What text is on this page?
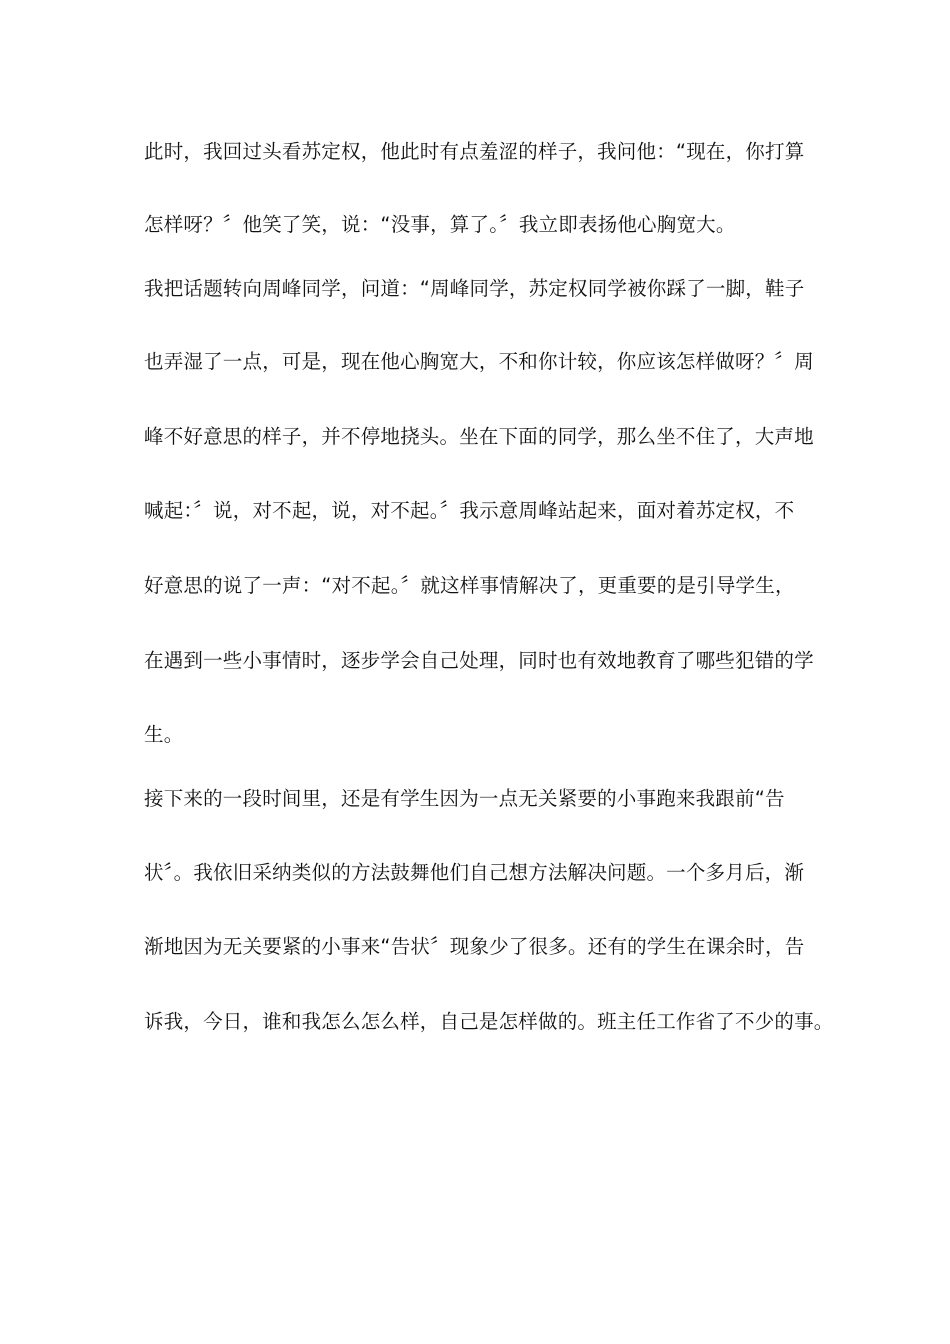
此时，我回过头看苏定权，他此时有点羞涩的样子，我问他：“现在，你打算
怎样呀？〞他笑了笑，说：“没事，算了。〞我立即表扬他心胸宽大。
我把话题转向周峰同学，问道：“周峰同学，苏定权同学被你踩了一脚，鞋子
也弄湿了一点，可是，现在他心胸宽大，不和你计较，你应该怎样做呀？〞周
峰不好意思的样子，并不停地挠头。坐在下面的同学，那么坐不住了，大声地
喊起：〞说，对不起，说，对不起。〞我示意周峰站起来，面对着苏定权，不
好意思的说了一声：“对不起。〞就这样事情解决了，更重要的是引导学生，
在遇到一些小事情时，逐步学会自己处理，同时也有效地教育了哪些犯错的学
生。
接下来的一段时间里，还是有学生因为一点无关紧要的小事跑来我跟前“告
状〞。我依旧采纳类似的方法鼓舞他们自己想方法解决问题。一个多月后，渐
渐地因为无关要紧的小事来“告状〞现象少了很多。还有的学生在课余时，告
诉我，今日，谁和我怎么怎么样，自己是怎样做的。班主任工作省了不少的事。
